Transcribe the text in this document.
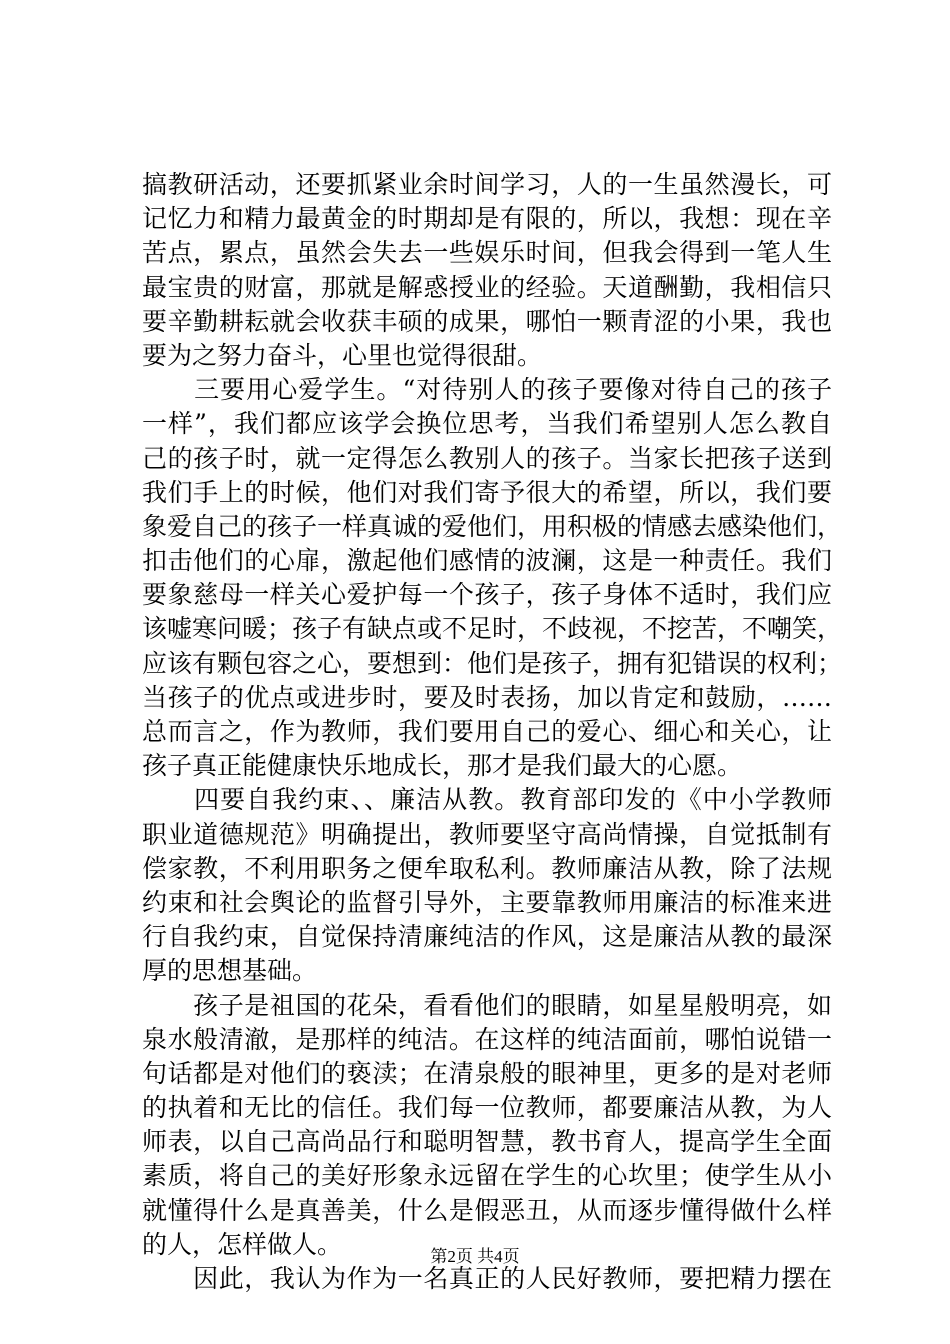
搞教研活动，还要抓紧业余时间学习，人的一生虽然漫长，可
记忆力和精力最黄金的时期却是有限的，所以，我想：现在辛
苦点，累点，虽然会失去一些娱乐时间，但我会得到一笔人生
最宝贵的财富，那就是解惑授业的经验。天道酬勤，我相信只
要辛勤耕耘就会收获丰硕的成果，哪怕一颗青涩的小果，我也
要为之努力奋斗，心里也觉得很甜。
　　三要用心爱学生。“对待别人的孩子要像对待自己的孩子
一样”，我们都应该学会换位思考，当我们希望别人怎么教自
己的孩子时，就一定得怎么教别人的孩子。当家长把孩子送到
我们手上的时候，他们对我们寄予很大的希望，所以，我们要
象爱自己的孩子一样真诚的爱他们，用积极的情感去感染他们，
扣击他们的心扉，激起他们感情的波澜，这是一种责任。我们
要象慈母一样关心爱护每一个孩子，孩子身体不适时，我们应
该嘘寒问暖；孩子有缺点或不足时，不歧视，不挖苦，不嘲笑，
应该有颗包容之心，要想到：他们是孩子，拥有犯错误的权利；
当孩子的优点或进步时，要及时表扬，加以肯定和鼓励，……
总而言之，作为教师，我们要用自己的爱心、细心和关心，让
孩子真正能健康快乐地成长，那才是我们最大的心愿。
　　四要自我约束、、廉洁从教。教育部印发的《中小学教师
职业道德规范》明确提出，教师要坚守高尚情操，自觉抵制有
偿家教，不利用职务之便牟取私利。教师廉洁从教，除了法规
约束和社会舆论的监督引导外，主要靠教师用廉洁的标准来进
行自我约束，自觉保持清廉纯洁的作风，这是廉洁从教的最深
厚的思想基础。
　　孩子是祖国的花朵，看看他们的眼睛，如星星般明亮，如
泉水般清澈，是那样的纯洁。在这样的纯洁面前，哪怕说错一
句话都是对他们的亵渎；在清泉般的眼神里，更多的是对老师
的执着和无比的信任。我们每一位教师，都要廉洁从教，为人
师表，以自己高尚品行和聪明智慧，教书育人，提高学生全面
素质，将自己的美好形象永远留在学生的心坎里；使学生从小
就懂得什么是真善美，什么是假恶丑，从而逐步懂得做什么样
的人，怎样做人。
　　因此，我认为作为一名真正的人民好教师，要把精力摆在
第2页 共4页
